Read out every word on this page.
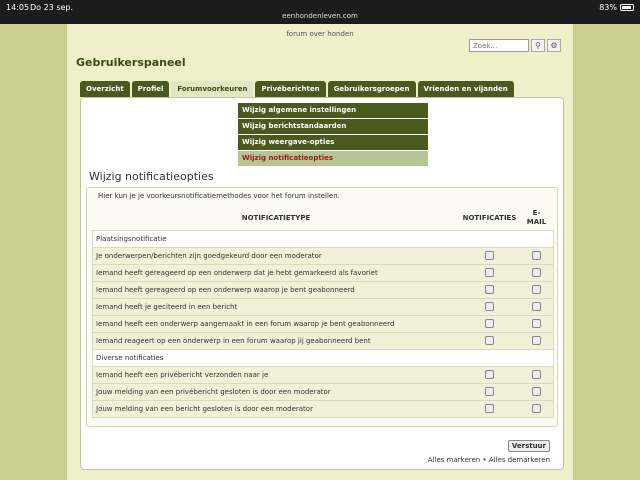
14:05 Do 23 sep.
eenhondenleven.com
83%
forum over honden
Zoek…
⚲	⚙
Gebruikerspaneel
Overzicht	Profiel	Forumvoorkeuren	Privéberichten	Gebruikersgroepen	Vrienden en vijanden
Wijzig algemene instellingen
Wijzig berichtstandaarden
Wijzig weergave-opties
Wijzig notificatieopties
Wijzig notificatieopties
Hier kun je je voorkeursnotificatiemethodes voor het forum instellen.
NOTIFICATIETYPE	NOTIFICATIES	E-
MAIL
Plaatsingsnotificatie		
Je onderwerpen/berichten zijn goedgekeurd door een moderator		
Iemand heeft gereageerd op een onderwerp dat je hebt gemarkeerd als favoriet		
Iemand heeft gereageerd op een onderwerp waarop je bent geabonneerd		
Iemand heeft je geciteerd in een bericht		
Iemand heeft een onderwerp aangemaakt in een forum waarop je bent geabonneerd		
Iemand reageert op een onderwerp in een forum waarop jij geabonneerd bent		
Diverse notificaties		
Iemand heeft een privébericht verzonden naar je		
Jouw melding van een privébericht gesloten is door een moderator		
Jouw melding van een bericht gesloten is door een moderator		
Verstuur
Alles markeren • Alles demarkeren
